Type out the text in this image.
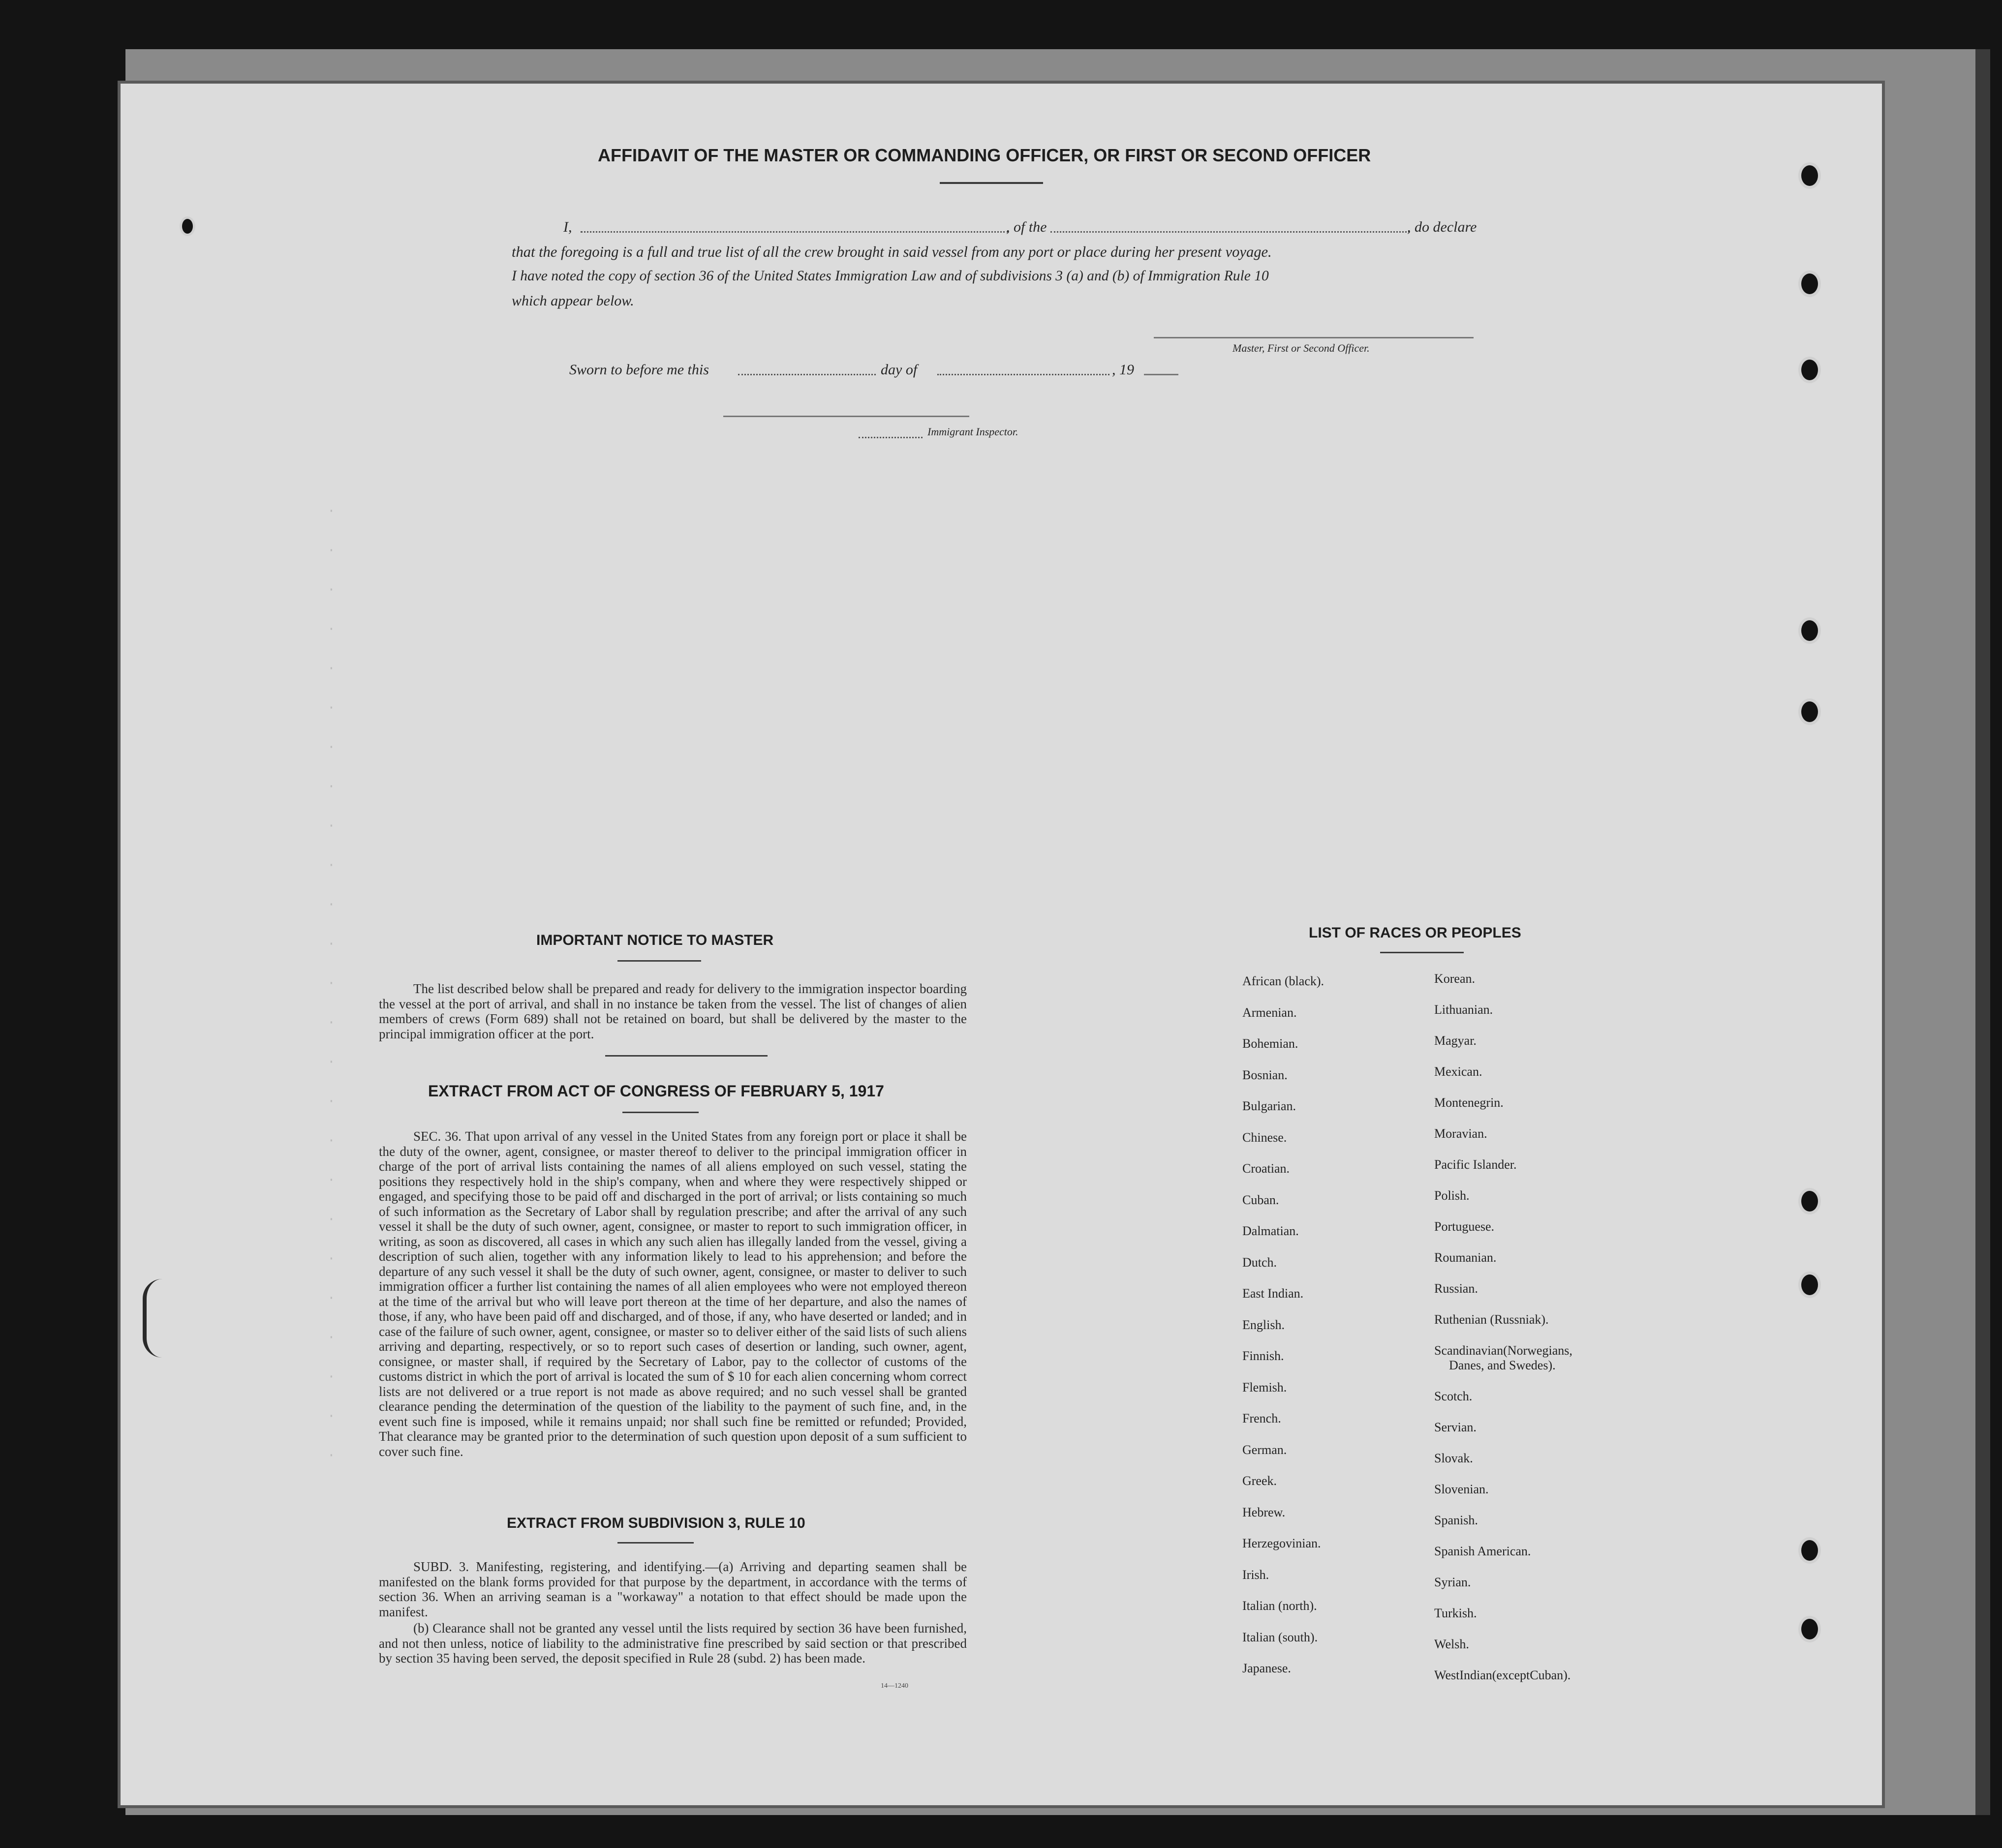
·
·
·
·
·
·
·
·
·
·
·
·
·
·
·
·
·
·
·
·
·
·
·
·
·
AFFIDAVIT OF THE MASTER OR COMMANDING OFFICER, OR FIRST OR SECOND OFFICER
I,	, of the	, do declare
that the foregoing is a full and true list of all the crew brought in said vessel from any port or place during her present voyage.
I have noted the copy of section 36 of the United States Immigration Law and of subdivisions 3 (a) and (b) of Immigration Rule 10
which appear below.
Master, First or Second Officer.
Sworn to before me this	day of	, 19
Immigrant Inspector.
IMPORTANT NOTICE TO MASTER
The list described below shall be prepared and ready for delivery to the immigration inspector boarding the vessel at the port of arrival, and shall in no instance be taken from the vessel. The list of changes of alien members of crews (Form 689) shall not be retained on board, but shall be delivered by the master to the principal immigration officer at the port.
EXTRACT FROM ACT OF CONGRESS OF FEBRUARY 5, 1917
SEC. 36. That upon arrival of any vessel in the United States from any foreign port or place it shall be the duty of the owner, agent, consignee, or master thereof to deliver to the principal immigration officer in charge of the port of arrival lists containing the names of all aliens employed on such vessel, stating the positions they respectively hold in the ship's company, when and where they were respectively shipped or engaged, and specifying those to be paid off and discharged in the port of arrival; or lists containing so much of such information as the Secretary of Labor shall by regulation prescribe; and after the arrival of any such vessel it shall be the duty of such owner, agent, consignee, or master to report to such immigration officer, in writing, as soon as discovered, all cases in which any such alien has illegally landed from the vessel, giving a description of such alien, together with any information likely to lead to his apprehension; and before the departure of any such vessel it shall be the duty of such owner, agent, consignee, or master to deliver to such immigration officer a further list containing the names of all alien employees who were not employed thereon at the time of the arrival but who will leave port thereon at the time of her departure, and also the names of those, if any, who have been paid off and discharged, and of those, if any, who have deserted or landed; and in case of the failure of such owner, agent, consignee, or master so to deliver either of the said lists of such aliens arriving and departing, respectively, or so to report such cases of desertion or landing, such owner, agent, consignee, or master shall, if required by the Secretary of Labor, pay to the collector of customs of the customs district in which the port of arrival is located the sum of $ 10 for each alien concerning whom correct lists are not delivered or a true report is not made as above required; and no such vessel shall be granted clearance pending the determination of the question of the liability to the payment of such fine, and, in the event such fine is imposed, while it remains unpaid; nor shall such fine be remitted or refunded; Provided, That clearance may be granted prior to the determination of such question upon deposit of a sum sufficient to cover such fine.
EXTRACT FROM SUBDIVISION 3, RULE 10
SUBD. 3. Manifesting, registering, and identifying.—(a) Arriving and departing seamen shall be manifested on the blank forms provided for that purpose by the department, in accordance with the terms of section 36. When an arriving seaman is a "workaway" a notation to that effect should be made upon the manifest.
(b) Clearance shall not be granted any vessel until the lists required by section 36 have been furnished, and not then unless, notice of liability to the administrative fine prescribed by said section or that prescribed by section 35 having been served, the deposit specified in Rule 28 (subd. 2) has been made.
14—1240
LIST OF RACES OR PEOPLES
African (black).
Armenian.
Bohemian.
Bosnian.
Bulgarian.
Chinese.
Croatian.
Cuban.
Dalmatian.
Dutch.
East Indian.
English.
Finnish.
Flemish.
French.
German.
Greek.
Hebrew.
Herzegovinian.
Irish.
Italian (north).
Italian (south).
Japanese.
Korean.
Lithuanian.
Magyar.
Mexican.
Montenegrin.
Moravian.
Pacific Islander.
Polish.
Portuguese.
Roumanian.
Russian.
Ruthenian (Russniak).
Scandinavian(Norwegians,
Danes, and Swedes).
Scotch.
Servian.
Slovak.
Slovenian.
Spanish.
Spanish American.
Syrian.
Turkish.
Welsh.
WestIndian(exceptCuban).
